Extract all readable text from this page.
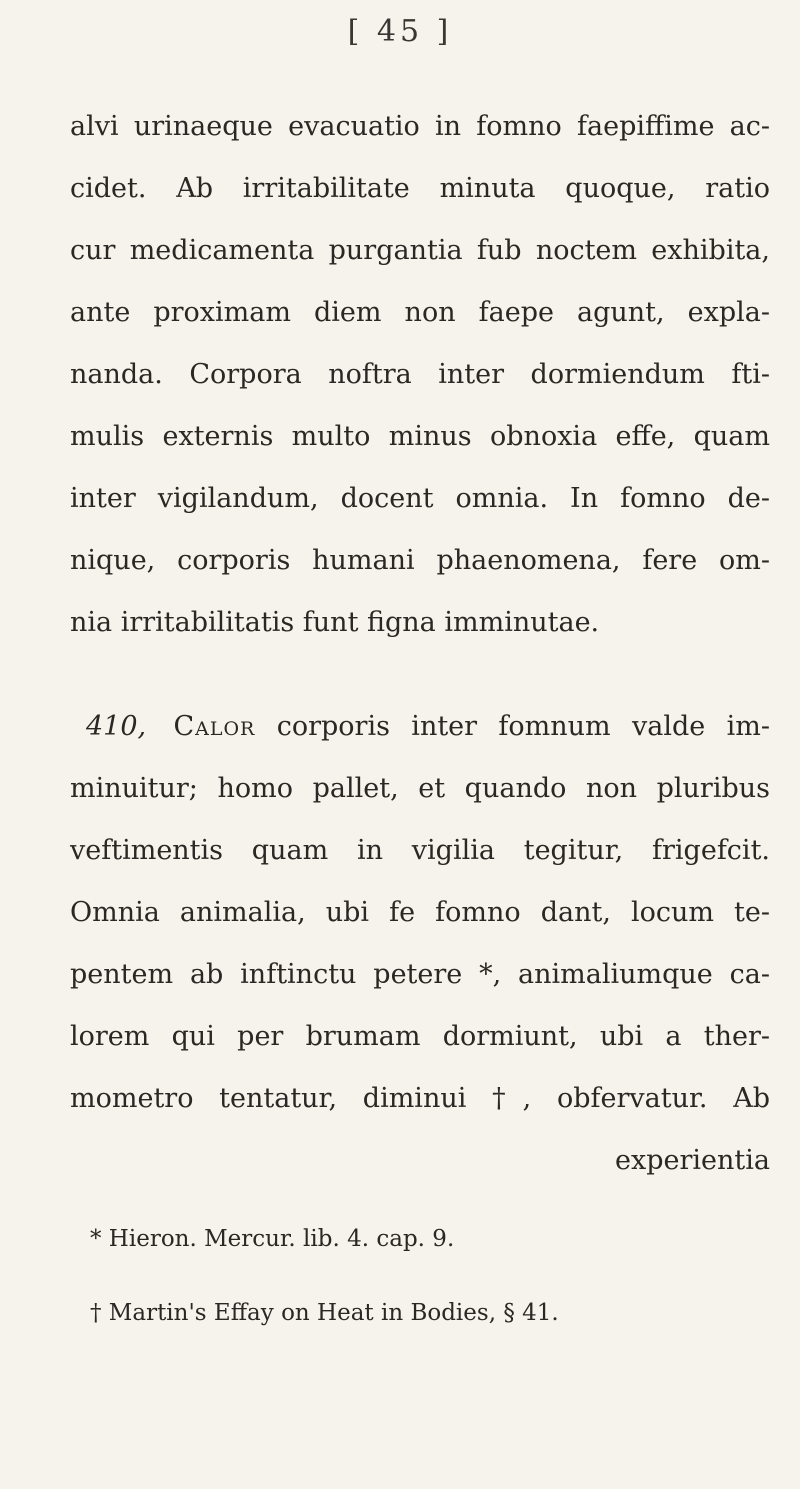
[ 45 ]
alvi urinaeque evacuatio in fomno faepiffime ac-
cidet. Ab irritabilitate minuta quoque, ratio
cur medicamenta purgantia fub noctem exhibita,
ante proximam diem non faepe agunt, expla-
nanda. Corpora noftra inter dormiendum fti-
mulis externis multo minus obnoxia effe, quam
inter vigilandum, docent omnia. In fomno de-
nique, corporis humani phaenomena, fere om-
nia irritabilitatis funt figna imminutae.
410, Calor corporis inter fomnum valde im-
minuitur; homo pallet, et quando non pluribus
veftimentis quam in vigilia tegitur, frigefcit.
Omnia animalia, ubi fe fomno dant, locum te-
pentem ab inftinctu petere *, animaliumque ca-
lorem qui per brumam dormiunt, ubi a ther-
mometro tentatur, diminui †, obfervatur. Ab
experientia
* Hieron. Mercur. lib. 4. cap. 9.
† Martin's Effay on Heat in Bodies, § 41.
